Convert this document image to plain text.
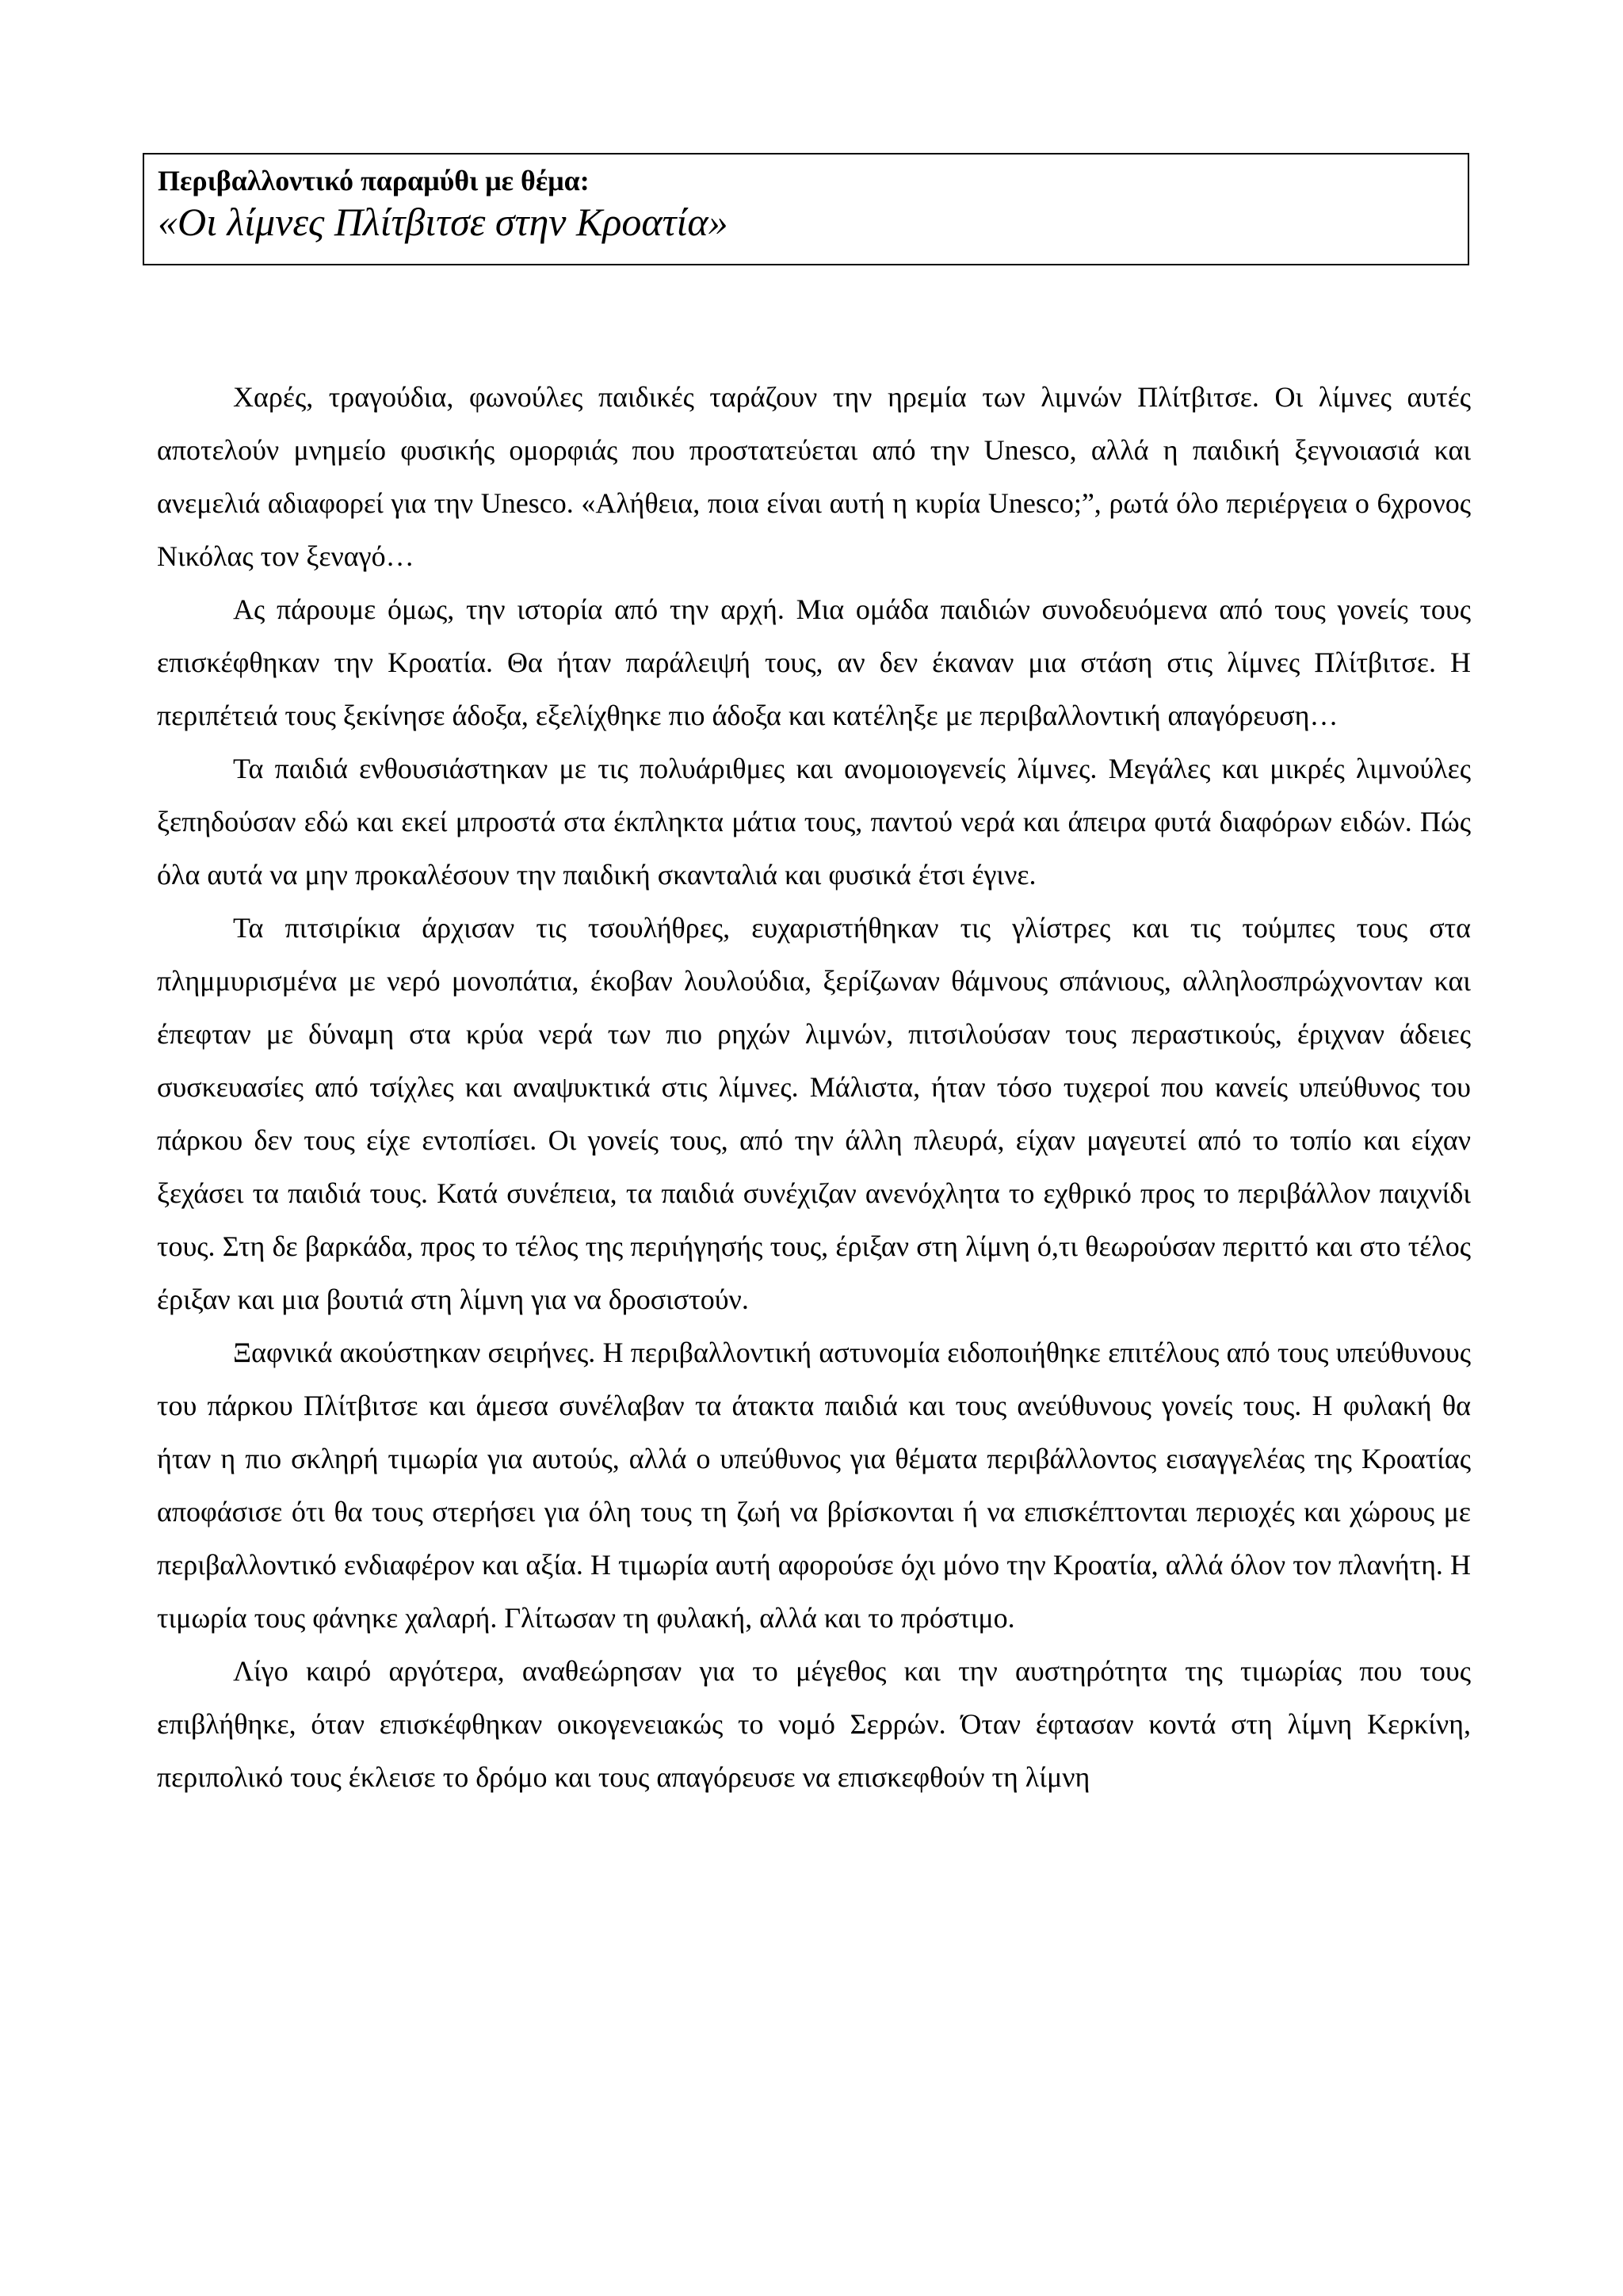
Περιβαλλοντικό παραμύθι με θέμα:
«Οι λίμνες Πλίτβιτσε στην Κροατία»

Χαρές, τραγούδια, φωνούλες παιδικές ταράζουν την ηρεμία των λιμνών Πλίτβιτσε. Οι λίμνες αυτές αποτελούν μνημείο φυσικής ομορφιάς που προστατεύεται από την Unesco, αλλά η παιδική ξεγνοιασιά και ανεμελιά αδιαφορεί για την Unesco. «Αλήθεια, ποια είναι αυτή η κυρία Unesco;”, ρωτά όλο περιέργεια ο 6χρονος Νικόλας τον ξεναγό…

Ας πάρουμε όμως, την ιστορία από την αρχή. Μια ομάδα παιδιών συνοδευόμενα από τους γονείς τους επισκέφθηκαν την Κροατία. Θα ήταν παράλειψή τους, αν δεν έκαναν μια στάση στις λίμνες Πλίτβιτσε. Η περιπέτειά τους ξεκίνησε άδοξα, εξελίχθηκε πιο άδοξα και κατέληξε με περιβαλλοντική απαγόρευση…

Τα παιδιά ενθουσιάστηκαν με τις πολυάριθμες και ανομοιογενείς λίμνες. Μεγάλες και μικρές λιμνούλες ξεπηδούσαν εδώ και εκεί μπροστά στα έκπληκτα μάτια τους, παντού νερά και άπειρα φυτά διαφόρων ειδών. Πώς όλα αυτά να μην προκαλέσουν την παιδική σκανταλιά και φυσικά έτσι έγινε.

Τα πιτσιρίκια άρχισαν τις τσουλήθρες, ευχαριστήθηκαν τις γλίστρες και τις τούμπες τους στα πλημμυρισμένα με νερό μονοπάτια, έκοβαν λουλούδια, ξερίζωναν θάμνους σπάνιους, αλληλοσπρώχνονταν και έπεφταν με δύναμη στα κρύα νερά των πιο ρηχών λιμνών, πιτσιλούσαν τους περαστικούς, έριχναν άδειες συσκευασίες από τσίχλες και αναψυκτικά στις λίμνες. Μάλιστα, ήταν τόσο τυχεροί που κανείς υπεύθυνος του πάρκου δεν τους είχε εντοπίσει. Οι γονείς τους, από την άλλη πλευρά, είχαν μαγευτεί από το τοπίο και είχαν ξεχάσει τα παιδιά τους. Κατά συνέπεια, τα παιδιά συνέχιζαν ανενόχλητα το εχθρικό προς το περιβάλλον παιχνίδι τους. Στη δε βαρκάδα, προς το τέλος της περιήγησής τους, έριξαν στη λίμνη ό,τι θεωρούσαν περιττό και στο τέλος έριξαν και μια βουτιά στη λίμνη για να δροσιστούν.

Ξαφνικά ακούστηκαν σειρήνες. Η περιβαλλοντική αστυνομία ειδοποιήθηκε επιτέλους από τους υπεύθυνους του πάρκου Πλίτβιτσε και άμεσα συνέλαβαν τα άτακτα παιδιά και τους ανεύθυνους γονείς τους. Η φυλακή θα ήταν η πιο σκληρή τιμωρία για αυτούς, αλλά ο υπεύθυνος για θέματα περιβάλλοντος εισαγγελέας της Κροατίας αποφάσισε ότι θα τους στερήσει για όλη τους τη ζωή να βρίσκονται ή να επισκέπτονται περιοχές και χώρους με περιβαλλοντικό ενδιαφέρον και αξία. Η τιμωρία αυτή αφορούσε όχι μόνο την Κροατία, αλλά όλον τον πλανήτη. Η τιμωρία τους φάνηκε χαλαρή. Γλίτωσαν τη φυλακή, αλλά και το πρόστιμο.

Λίγο καιρό αργότερα, αναθεώρησαν για το μέγεθος και την αυστηρότητα της τιμωρίας που τους επιβλήθηκε, όταν επισκέφθηκαν οικογενειακώς το νομό Σερρών. Όταν έφτασαν κοντά στη λίμνη Κερκίνη, περιπολικό τους έκλεισε το δρόμο και τους απαγόρευσε να επισκεφθούν τη λίμνη
